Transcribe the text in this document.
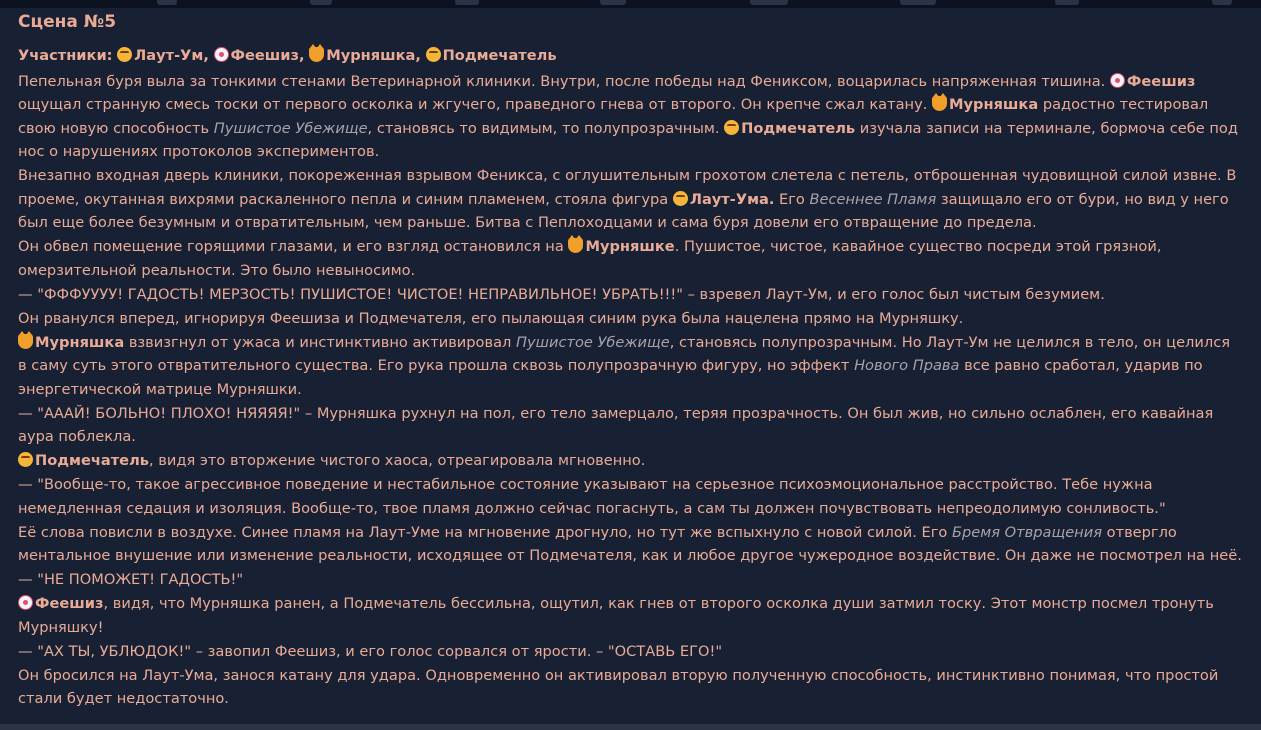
Сцена №5

Участники: Лаут-Ум, Феешиз, Мурняшка, Подмечатель

Пепельная буря выла за тонкими стенами Ветеринарной клиники. Внутри, после победы над Фениксом, воцарилась напряженная тишина. Феешиз ощущал странную смесь тоски от первого осколка и жгучего, праведного гнева от второго. Он крепче сжал катану. Мурняшка радостно тестировал свою новую способность Пушистое Убежище, становясь то видимым, то полупрозрачным. Подмечатель изучала записи на терминале, бормоча себе под нос о нарушениях протоколов экспериментов.

Внезапно входная дверь клиники, покореженная взрывом Феникса, с оглушительным грохотом слетела с петель, отброшенная чудовищной силой извне. В проеме, окутанная вихрями раскаленного пепла и синим пламенем, стояла фигура Лаут-Ума. Его Весеннее Пламя защищало его от бури, но вид у него был еще более безумным и отвратительным, чем раньше. Битва с Пеплоходцами и сама буря довели его отвращение до предела.

Он обвел помещение горящими глазами, и его взгляд остановился на Мурняшке. Пушистое, чистое, кавайное существо посреди этой грязной, омерзительной реальности. Это было невыносимо.

— "ФФФУУУУ! ГАДОСТЬ! МЕРЗОСТЬ! ПУШИСТОЕ! ЧИСТОЕ! НЕПРАВИЛЬНОЕ! УБРАТЬ!!!" – взревел Лаут-Ум, и его голос был чистым безумием.

Он рванулся вперед, игнорируя Феешиза и Подмечателя, его пылающая синим рука была нацелена прямо на Мурняшку.

Мурняшка взвизгнул от ужаса и инстинктивно активировал Пушистое Убежище, становясь полупрозрачным. Но Лаут-Ум не целился в тело, он целился в саму суть этого отвратительного существа. Его рука прошла сквозь полупрозрачную фигуру, но эффект Нового Права все равно сработал, ударив по энергетической матрице Мурняшки.

— "АААЙ! БОЛЬНО! ПЛОХО! НЯЯЯЯ!" – Мурняшка рухнул на пол, его тело замерцало, теряя прозрачность. Он был жив, но сильно ослаблен, его кавайная аура поблекла.

Подмечатель, видя это вторжение чистого хаоса, отреагировала мгновенно.

— "Вообще-то, такое агрессивное поведение и нестабильное состояние указывают на серьезное психоэмоциональное расстройство. Тебе нужна немедленная седация и изоляция. Вообще-то, твое пламя должно сейчас погаснуть, а сам ты должен почувствовать непреодолимую сонливость."

Её слова повисли в воздухе. Синее пламя на Лаут-Уме на мгновение дрогнуло, но тут же вспыхнуло с новой силой. Его Бремя Отвращения отвергло ментальное внушение или изменение реальности, исходящее от Подмечателя, как и любое другое чужеродное воздействие. Он даже не посмотрел на неё.

— "НЕ ПОМОЖЕТ! ГАДОСТЬ!"

Феешиз, видя, что Мурняшка ранен, а Подмечатель бессильна, ощутил, как гнев от второго осколка души затмил тоску. Этот монстр посмел тронуть Мурняшку!

— "АХ ТЫ, УБЛЮДОК!" – завопил Феешиз, и его голос сорвался от ярости. – "ОСТАВЬ ЕГО!"

Он бросился на Лаут-Ума, занося катану для удара. Одновременно он активировал вторую полученную способность, инстинктивно понимая, что простой стали будет недостаточно.
